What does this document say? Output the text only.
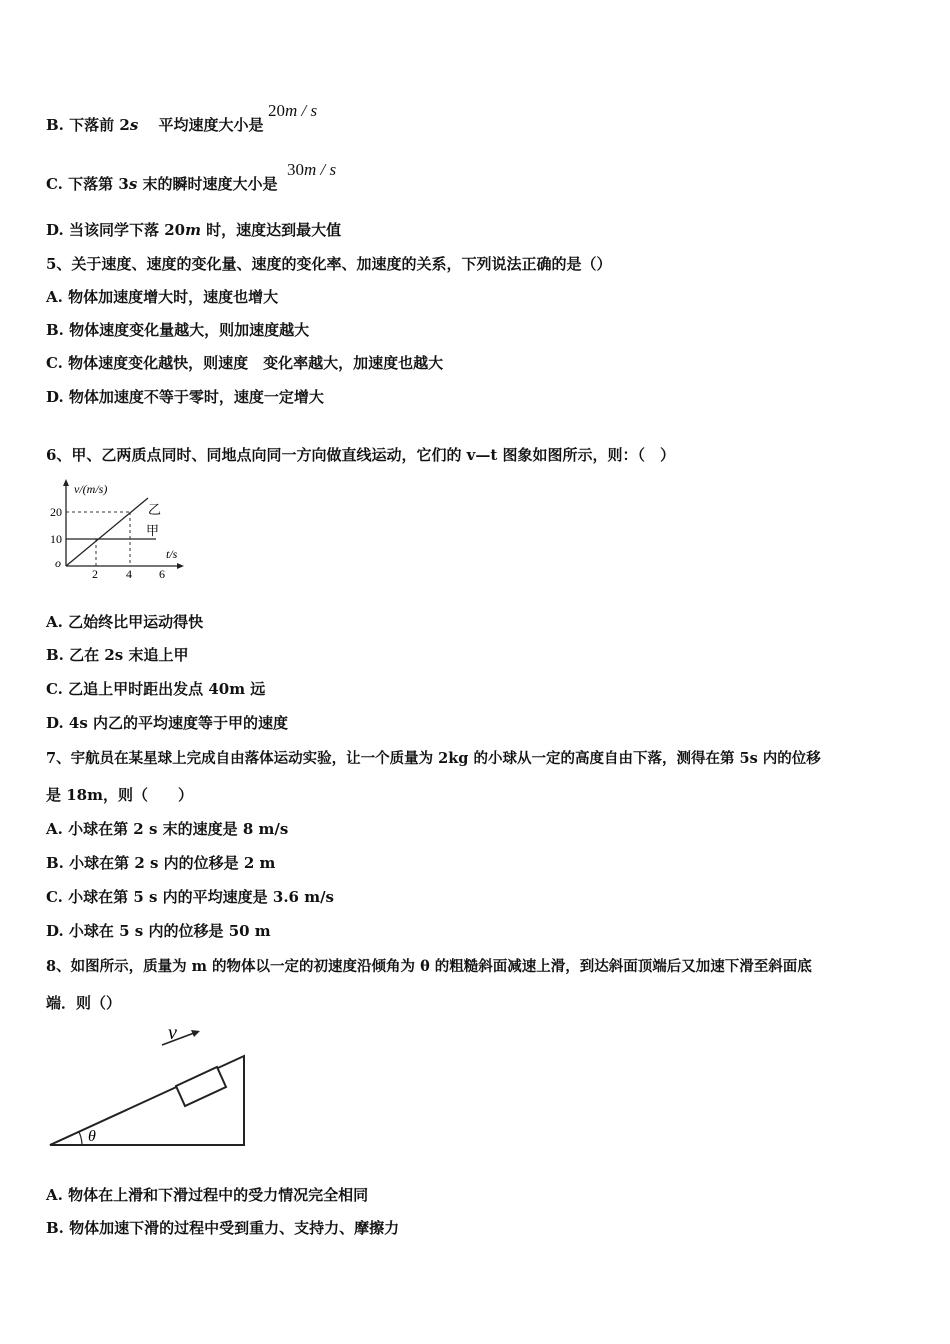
B. 下落前 2s   平均速度大小是
20m / s
C. 下落第 3s 末的瞬时速度大小是
30m / s
D. 当该同学下落 20m 时，速度达到最大值
5、关于速度、速度的变化量、速度的变化率、加速度的关系，下列说法正确的是（）
A. 物体加速度增大时，速度也增大
B. 物体速度变化量越大，则加速度越大
C. 物体速度变化越快，则速度　变化率越大，加速度也越大
D. 物体加速度不等于零时，速度一定增大
6、甲、乙两质点同时、同地点向同一方向做直线运动，它们的 v—t 图象如图所示，则：（　）
v/(m/s)
20
10
o
2 4 6
t/s
乙
甲
A. 乙始终比甲运动得快
B. 乙在 2s 末追上甲
C. 乙追上甲时距出发点 40m 远
D. 4s 内乙的平均速度等于甲的速度
7、宇航员在某星球上完成自由落体运动实验，让一个质量为 2kg 的小球从一定的高度自由下落，测得在第 5s 内的位移
是 18m，则（　　）
A. 小球在第 2 s 末的速度是 8 m/s
B. 小球在第 2 s 内的位移是 2 m
C. 小球在第 5 s 内的平均速度是 3.6 m/s
D. 小球在 5 s 内的位移是 50 m
8、如图所示，质量为 m 的物体以一定的初速度沿倾角为 θ 的粗糙斜面减速上滑，到达斜面顶端后又加速下滑至斜面底
端．则（）
v
θ
A. 物体在上滑和下滑过程中的受力情况完全相同
B. 物体加速下滑的过程中受到重力、支持力、摩擦力
